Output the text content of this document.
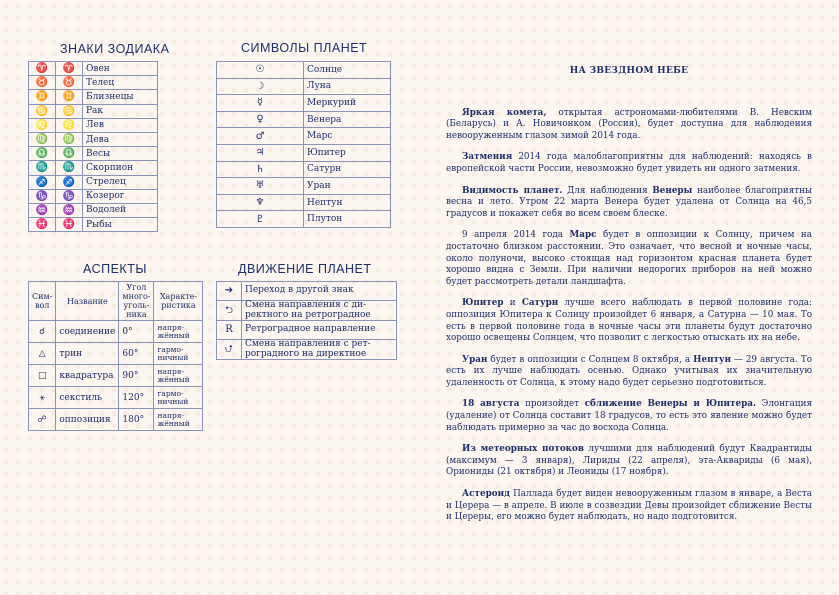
ЗНАКИ ЗОДИАКА
♈	♈	Овен
♉	♉	Телец
♊	♊	Близнецы
♋	♋	Рак
♌	♌	Лев
♍	♍	Дева
♎	♎	Весы
♏	♏	Скорпион
♐	♐	Стрелец
♑	♑	Козерог
♒	♒	Водолей
♓	♓	Рыбы
СИМВОЛЫ ПЛАНЕТ
☉	Солнце
☽	Луна
☿	Меркурий
♀	Венера
♂	Марс
♃	Юпитер
♄	Сатурн
♅	Уран
♆	Нептун
♇	Плутон
АСПЕКТЫ
Сим-вол	Название	Угол много-уголь-ника	Характе-ристика
☌	соединение	0°	напря-жённый
△	трин	60°	гармо-ничный
□	квадратура	90°	напря-жённый
⚹	секстиль	120°	гармо-ничный
☍	оппозиция	180°	напря-жённый
ДВИЖЕНИЕ ПЛАНЕТ
➔	Переход в другой знак
⮌	Смена направления с ди-ректного на ретроградное
R	Ретроградное направление
⮍	Смена направления с рет-роградного на директное
НА ЗВЕЗДНОМ НЕБЕ

Яркая комета, открытая астрономами-любителями В. Невским (Беларусь) и А. Новичонком (Россия), будет доступна для наблюдения невооруженным глазом зимой 2014 года.

Затмения 2014 года малоблагоприятны для наблюдений: находясь в европейской части России, невозможно будет увидеть ни одного затмения.

Видимость планет. Для наблюдения Венеры наиболее благоприятны весна и лето. Утром 22 марта Венера будет удалена от Солнца на 46,5 градусов и покажет себя во всем своем блеске.

9 апреля 2014 года Марс будет в оппозиции к Солнцу, причем на достаточно близком расстоянии. Это означает, что весной и ночные часы, около полуночи, высоко стоящая над горизонтом красная планета будет хорошо видна с Земли. При наличии недорогих приборов на ней можно будет рассмотреть детали ландшафта.

Юпитер и Сатурн лучше всего наблюдать в первой половине года: оппозиция Юпитера к Солнцу произойдет 6 января, а Сатурна — 10 мая. То есть в первой половине года в ночные часы эти планеты будут достаточно хорошо освещены Солнцем, что позволит с легкостью отыскать их на небе.

Уран будет в оппозиции с Солнцем 8 октября, а Нептун — 29 августа. То есть их лучше наблюдать осенью. Однако учитывая их значительную удаленность от Солнца, к этому надо будет серьезно подготовиться.

18 августа произойдет сближение Венеры и Юпитера. Элонгация (удаление) от Солнца составит 18 градусов, то есть это явление можно будет наблюдать примерно за час до восхода Солнца.

Из метеорных потоков лучшими для наблюдений будут Квадрантиды (максимум — 3 января), Лириды (22 апреля), эта-Аквариды (6 мая), Ориониды (21 октября) и Леониды (17 ноября).

Астероид Паллада будет виден невооруженным глазом в январе, а Веста и Церера — в апреле. В июле в созвездии Девы произойдет сближение Весты и Цереры, его можно будет наблюдать, но надо подготовится.
